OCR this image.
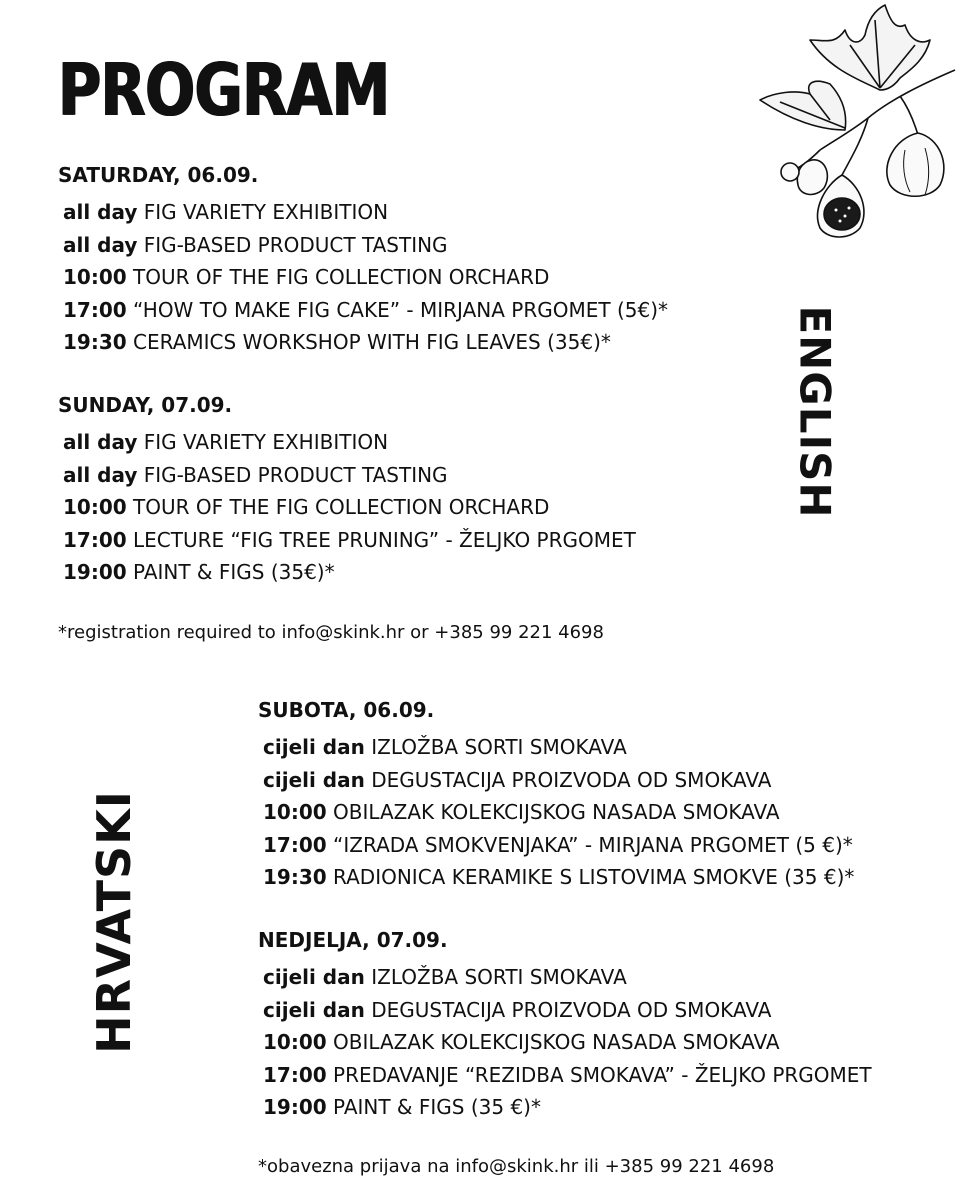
PROGRAM
ENGLISH
HRVATSKI
SATURDAY, 06.09.
all day FIG VARIETY EXHIBITION
all day FIG-BASED PRODUCT TASTING
10:00 TOUR OF THE FIG COLLECTION ORCHARD
17:00 “HOW TO MAKE FIG CAKE” - MIRJANA PRGOMET (5€)*
19:30 CERAMICS WORKSHOP WITH FIG LEAVES (35€)*
SUNDAY, 07.09.
all day FIG VARIETY EXHIBITION
all day FIG-BASED PRODUCT TASTING
10:00 TOUR OF THE FIG COLLECTION ORCHARD
17:00 LECTURE “FIG TREE PRUNING” - ŽELJKO PRGOMET
19:00 PAINT & FIGS (35€)*
*registration required to info@skink.hr or +385 99 221 4698
SUBOTA, 06.09.
cijeli dan IZLOŽBA SORTI SMOKAVA
cijeli dan DEGUSTACIJA PROIZVODA OD SMOKAVA
10:00 OBILAZAK KOLEKCIJSKOG NASADA SMOKAVA
17:00 “IZRADA SMOKVENJAKA” - MIRJANA PRGOMET (5 €)*
19:30 RADIONICA KERAMIKE S LISTOVIMA SMOKVE (35 €)*
NEDJELJA, 07.09.
cijeli dan IZLOŽBA SORTI SMOKAVA
cijeli dan DEGUSTACIJA PROIZVODA OD SMOKAVA
10:00 OBILAZAK KOLEKCIJSKOG NASADA SMOKAVA
17:00 PREDAVANJE “REZIDBA SMOKAVA” - ŽELJKO PRGOMET
19:00 PAINT & FIGS (35 €)*
*obavezna prijava na info@skink.hr ili +385 99 221 4698
